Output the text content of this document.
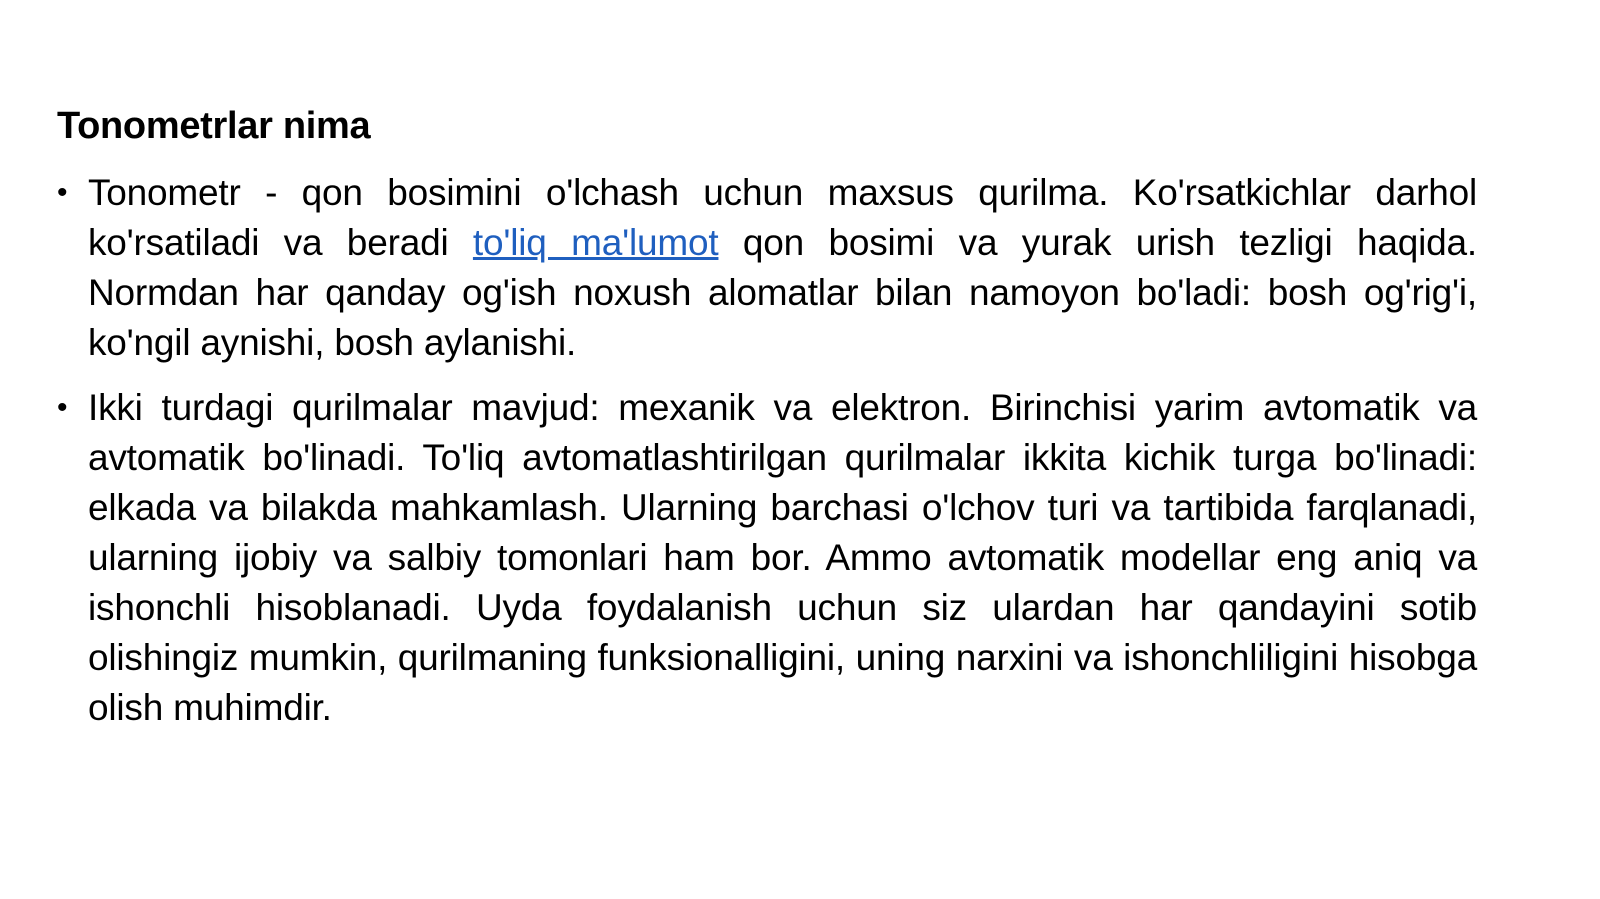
Tonometrlar nima
• Tonometr - qon bosimini o'lchash uchun maxsus qurilma. Ko'rsatkichlar darhol ko'rsatiladi va beradi to'liq ma'lumot qon bosimi va yurak urish tezligi haqida. Normdan har qanday og'ish noxush alomatlar bilan namoyon bo'ladi: bosh og'rig'i, ko'ngil aynishi, bosh aylanishi.
• Ikki turdagi qurilmalar mavjud: mexanik va elektron. Birinchisi yarim avtomatik va avtomatik bo'linadi. To'liq avtomatlashtirilgan qurilmalar ikkita kichik turga bo'linadi: elkada va bilakda mahkamlash. Ularning barchasi o'lchov turi va tartibida farqlanadi, ularning ijobiy va salbiy tomonlari ham bor. Ammo avtomatik modellar eng aniq va ishonchli hisoblanadi. Uyda foydalanish uchun siz ulardan har qandayini sotib olishingiz mumkin, qurilmaning funksionalligini, uning narxini va ishonchliligini hisobga olish muhimdir.
